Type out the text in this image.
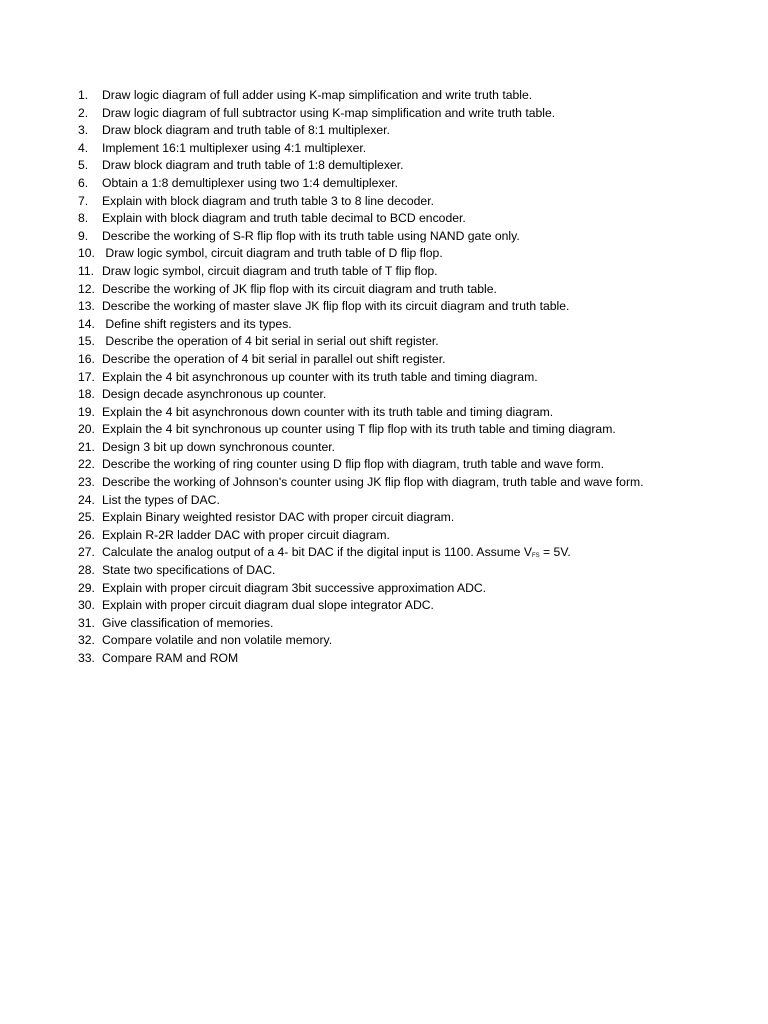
1.	Draw logic diagram of full adder using K-map simplification and write truth table.
2.	Draw logic diagram of full subtractor using K-map simplification and write truth table.
3.	Draw block diagram and truth table of 8:1 multiplexer.
4.	Implement 16:1 multiplexer using 4:1 multiplexer.
5.	Draw block diagram and truth table of 1:8 demultiplexer.
6.	Obtain a 1:8 demultiplexer using two 1:4 demultiplexer.
7.	Explain with block diagram and truth table 3 to 8 line decoder.
8.	Explain with block diagram and truth table decimal to BCD encoder.
9.	Describe the working of S-R flip flop with its truth table using NAND gate only.
10. Draw logic symbol, circuit diagram and truth table of D flip flop.
11. Draw logic symbol, circuit diagram and truth table of T flip flop.
12. Describe the working of JK flip flop with its circuit diagram and truth table.
13. Describe the working of master slave JK flip flop with its circuit diagram and truth table.
14. Define shift registers and its types.
15. Describe the operation of 4 bit serial in serial out shift register.
16. Describe the operation of 4 bit serial in parallel out shift register.
17. Explain the 4 bit asynchronous up counter with its truth table and timing diagram.
18. Design decade asynchronous up counter.
19. Explain the 4 bit asynchronous down counter with its truth table and timing diagram.
20. Explain the 4 bit synchronous up counter using T flip flop with its truth table and timing diagram.
21. Design 3 bit up down synchronous counter.
22. Describe the working of ring counter using D flip flop with diagram, truth table and wave form.
23. Describe the working of Johnson's counter using JK flip flop with diagram, truth table and wave form.
24. List the types of DAC.
25. Explain Binary weighted resistor DAC with proper circuit diagram.
26. Explain R-2R ladder DAC with proper circuit diagram.
27. Calculate the analog output of a 4- bit DAC if the digital input is 1100. Assume VFS = 5V.
28. State two specifications of DAC.
29. Explain with proper circuit diagram 3bit successive approximation ADC.
30. Explain with proper circuit diagram dual slope integrator ADC.
31. Give classification of memories.
32. Compare volatile and non volatile memory.
33. Compare RAM and ROM
